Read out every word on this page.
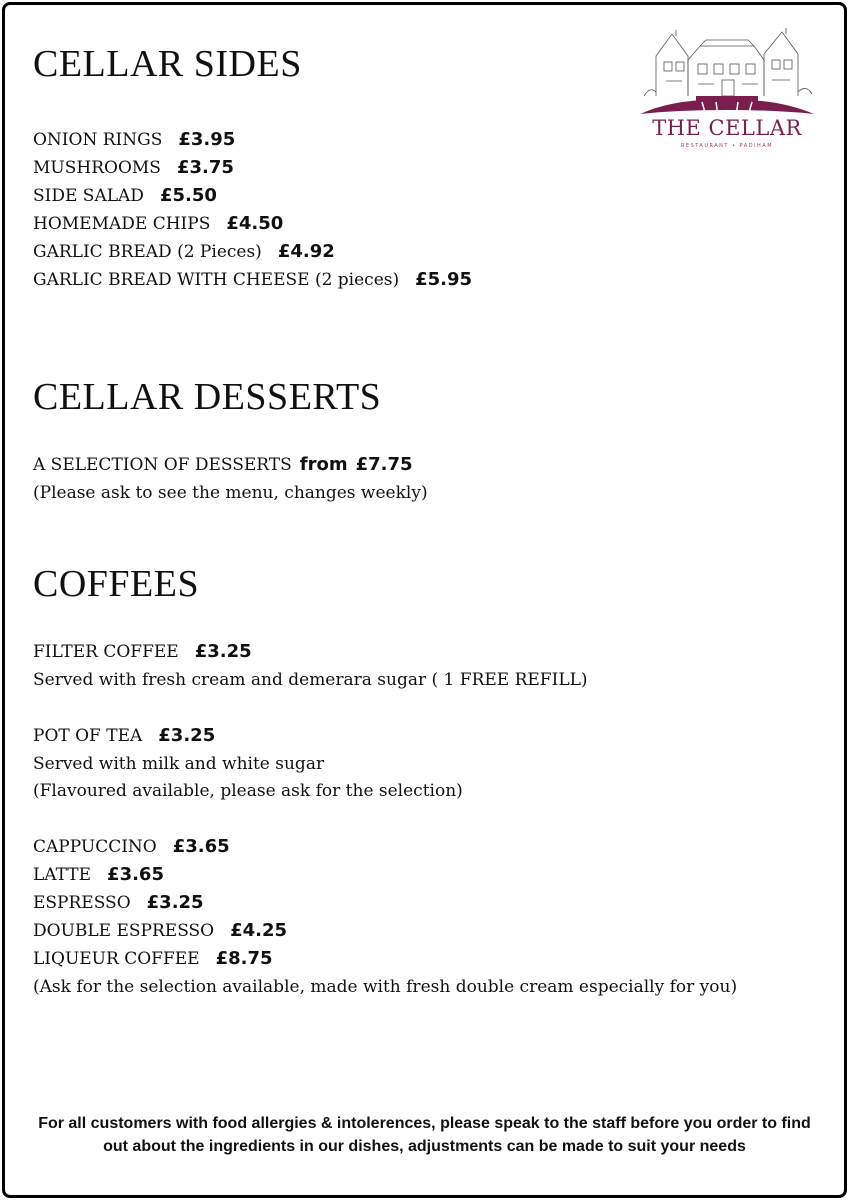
THE CELLAR
RESTAURANT • PADIHAM
CELLAR SIDES
ONION RINGS £3.95
MUSHROOMS £3.75
SIDE SALAD £5.50
HOMEMADE CHIPS £4.50
GARLIC BREAD (2 Pieces) £4.92
GARLIC BREAD WITH CHEESE (2 pieces) £5.95
CELLAR DESSERTS
A SELECTION OF DESSERTS from £7.75
(Please ask to see the menu, changes weekly)
COFFEES
FILTER COFFEE £3.25
Served with fresh cream and demerara sugar ( 1 FREE REFILL)
POT OF TEA £3.25
Served with milk and white sugar
(Flavoured available, please ask for the selection)
CAPPUCCINO £3.65
LATTE £3.65
ESPRESSO £3.25
DOUBLE ESPRESSO £4.25
LIQUEUR COFFEE £8.75
(Ask for the selection available, made with fresh double cream especially for you)
For all customers with food allergies & intolerences, please speak to the staff before you order to find
out about the ingredients in our dishes, adjustments can be made to suit your needs
